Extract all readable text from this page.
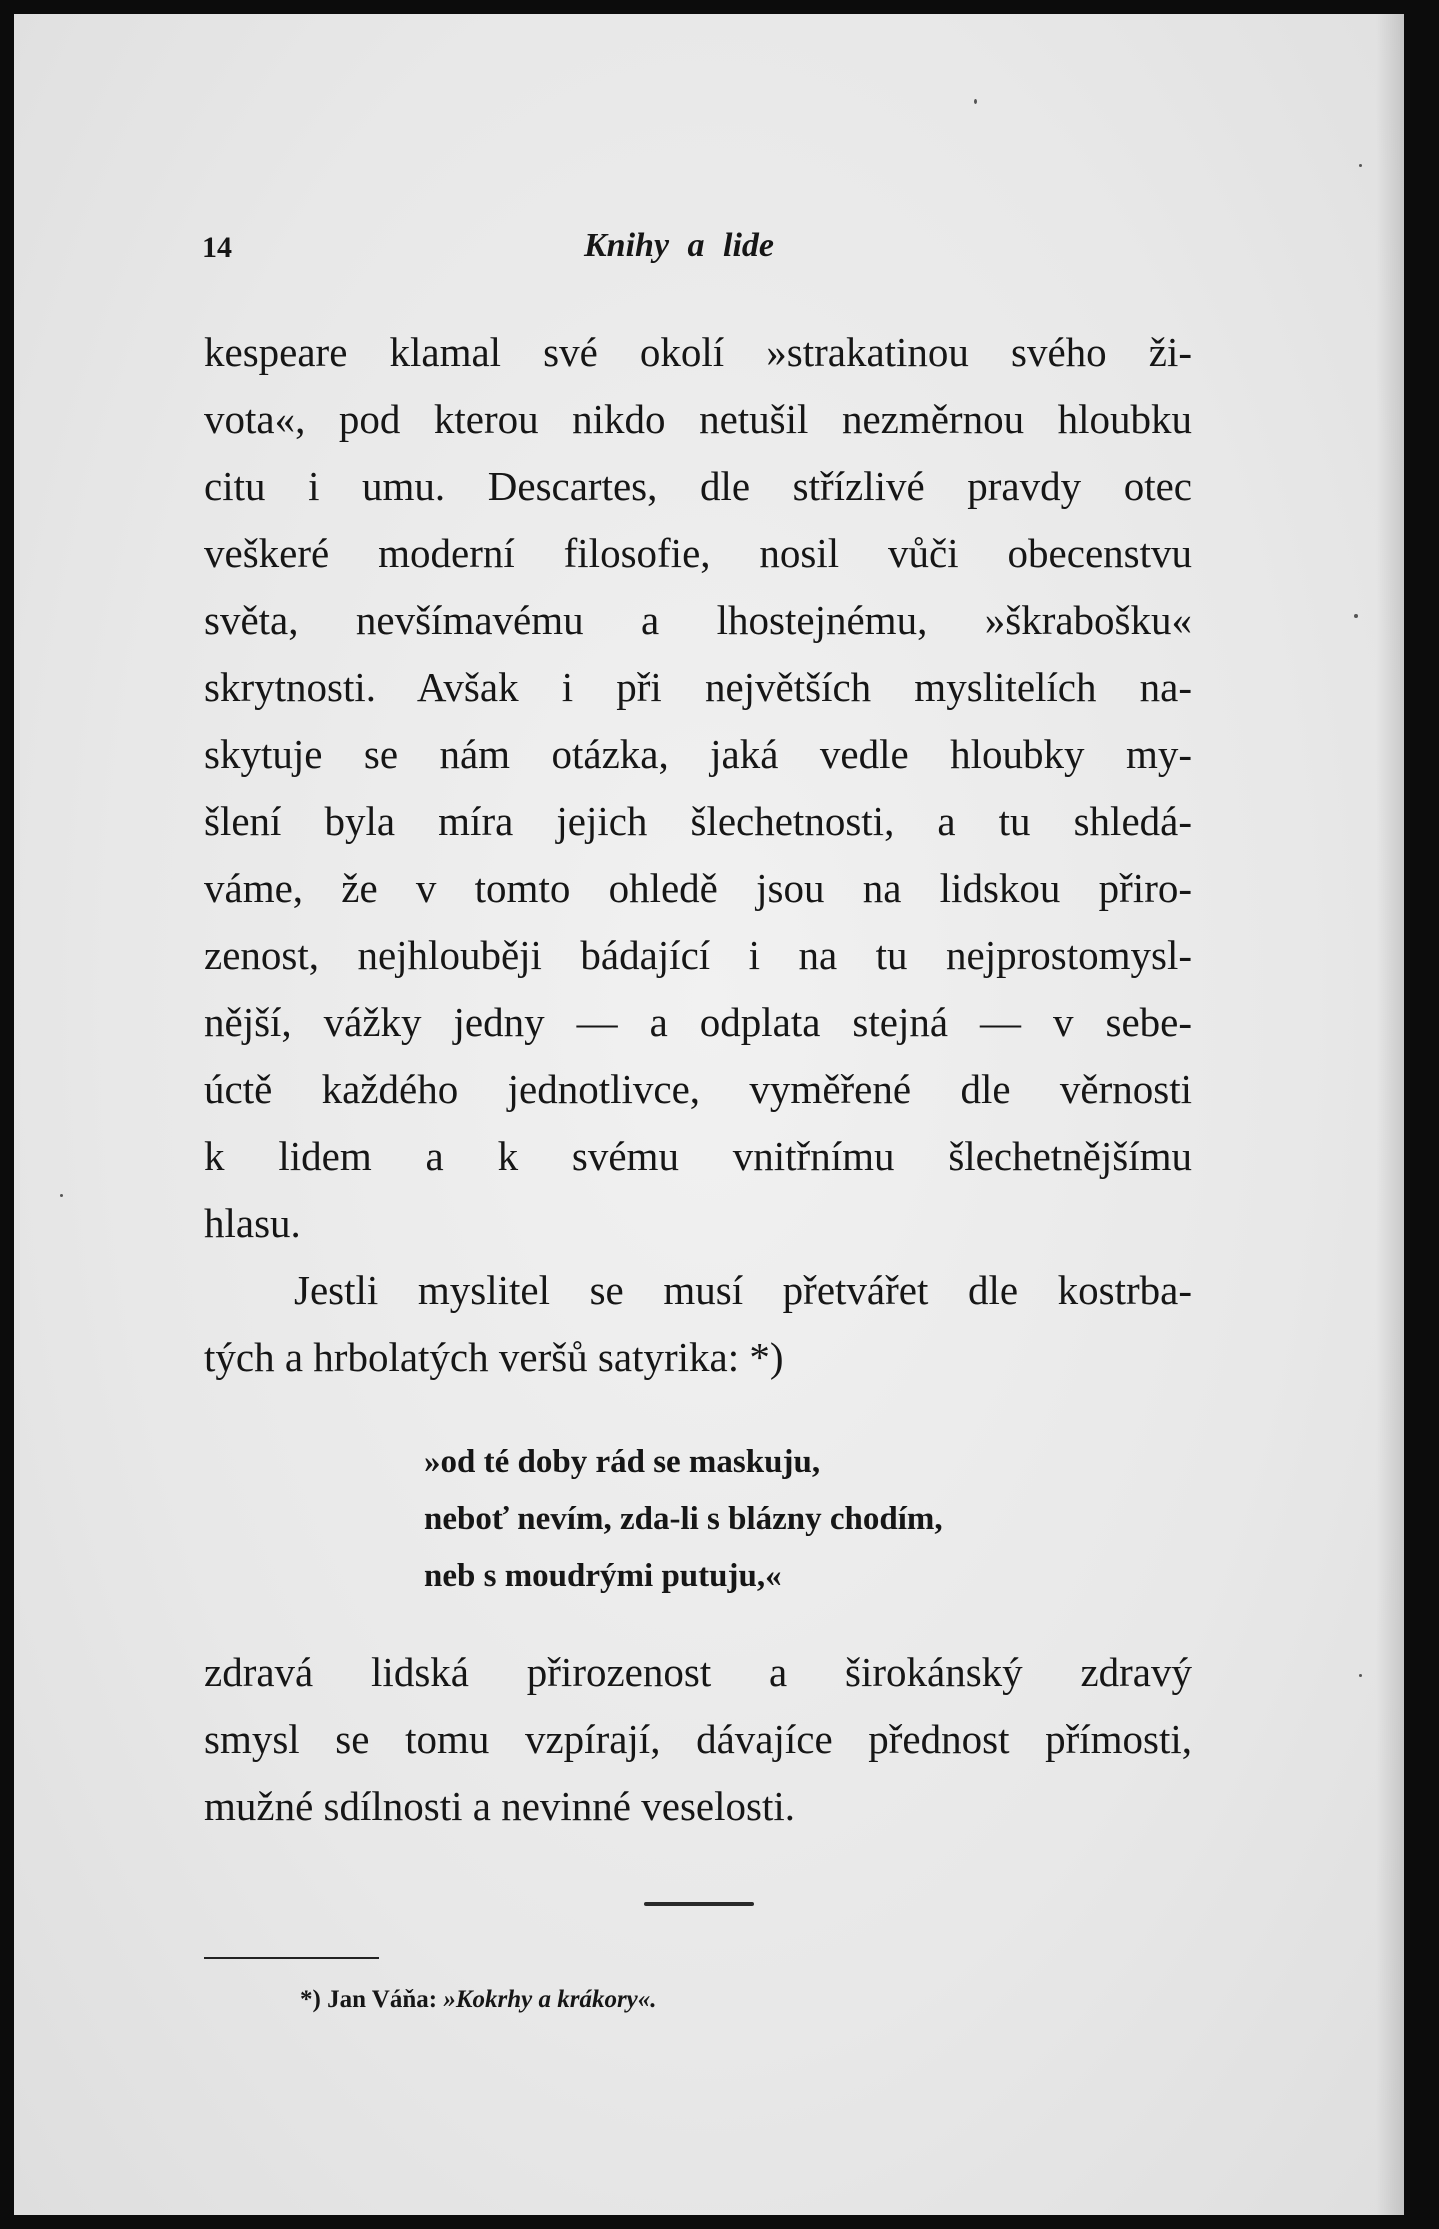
14	Knihy a lide
kespeare klamal své okolí »strakatinou svého ži-
vota«, pod kterou nikdo netušil nezměrnou hloubku
citu i umu. Descartes, dle střízlivé pravdy otec
veškeré moderní filosofie, nosil vůči obecenstvu
světa, nevšímavému a lhostejnému, »škrabošku«
skrytnosti. Avšak i při největších myslitelích na-
skytuje se nám otázka, jaká vedle hloubky my-
šlení byla míra jejich šlechetnosti, a tu shledá-
váme, že v tomto ohledě jsou na lidskou přiro-
zenost, nejhlouběji bádající i na tu nejprostomysl-
nější, vážky jedny — a odplata stejná — v sebe-
úctě každého jednotlivce, vyměřené dle věrnosti
k lidem a k svému vnitřnímu šlechetnějšímu
hlasu.
Jestli myslitel se musí přetvářet dle kostrba-
tých a hrbolatých veršů satyrika: *)
»od té doby rád se maskuju,
neboť nevím, zda-li s blázny chodím,
neb s moudrými putuju,«
zdravá lidská přirozenost a širokánský zdravý
smysl se tomu vzpírají, dávajíce přednost přímosti,
mužné sdílnosti a nevinné veselosti.
*) Jan Váňa: »Kokrhy a krákory«.
